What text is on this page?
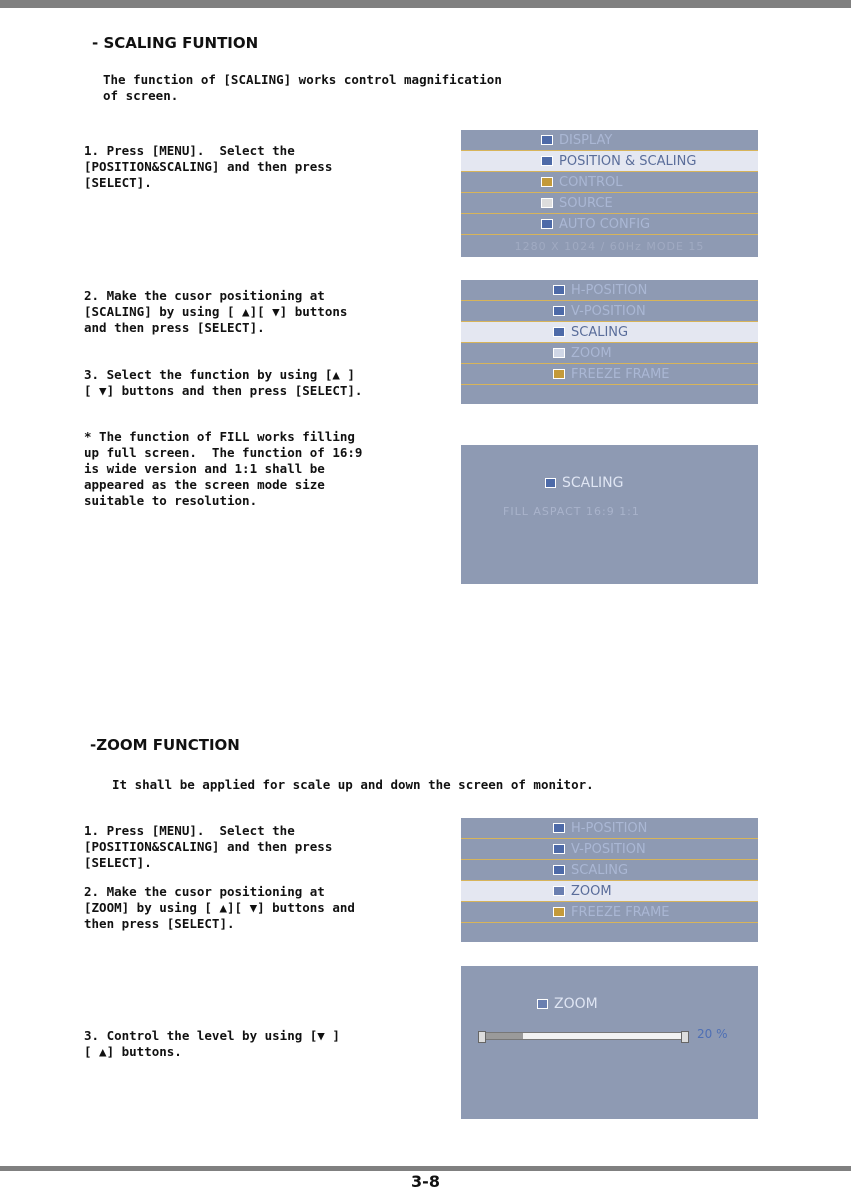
- SCALING FUNTION
The function of [SCALING] works control magnification
of screen.
1. Press [MENU].  Select the
[POSITION&SCALING] and then press
[SELECT].
DISPLAY
POSITION & SCALING
CONTROL
SOURCE
AUTO CONFIG
1280 X 1024 / 60Hz MODE 15
2. Make the cusor positioning at
[SCALING] by using [ ▲][ ▼] buttons
and then press [SELECT].
3. Select the function by using [▲ ]
[ ▼] buttons and then press [SELECT].
H-POSITION
V-POSITION
SCALING
ZOOM
FREEZE FRAME
* The function of FILL works filling
up full screen.  The function of 16:9
is wide version and 1:1 shall be
appeared as the screen mode size
suitable to resolution.
SCALING
FILL ASPACT 16:9 1:1
-ZOOM FUNCTION
It shall be applied for scale up and down the screen of monitor.
1. Press [MENU].  Select the
[POSITION&SCALING] and then press
[SELECT].
2. Make the cusor positioning at
[ZOOM] by using [ ▲][ ▼] buttons and
then press [SELECT].
H-POSITION
V-POSITION
SCALING
ZOOM
FREEZE FRAME
3. Control the level by using [▼ ]
[ ▲] buttons.
ZOOM
20 %
3-8
